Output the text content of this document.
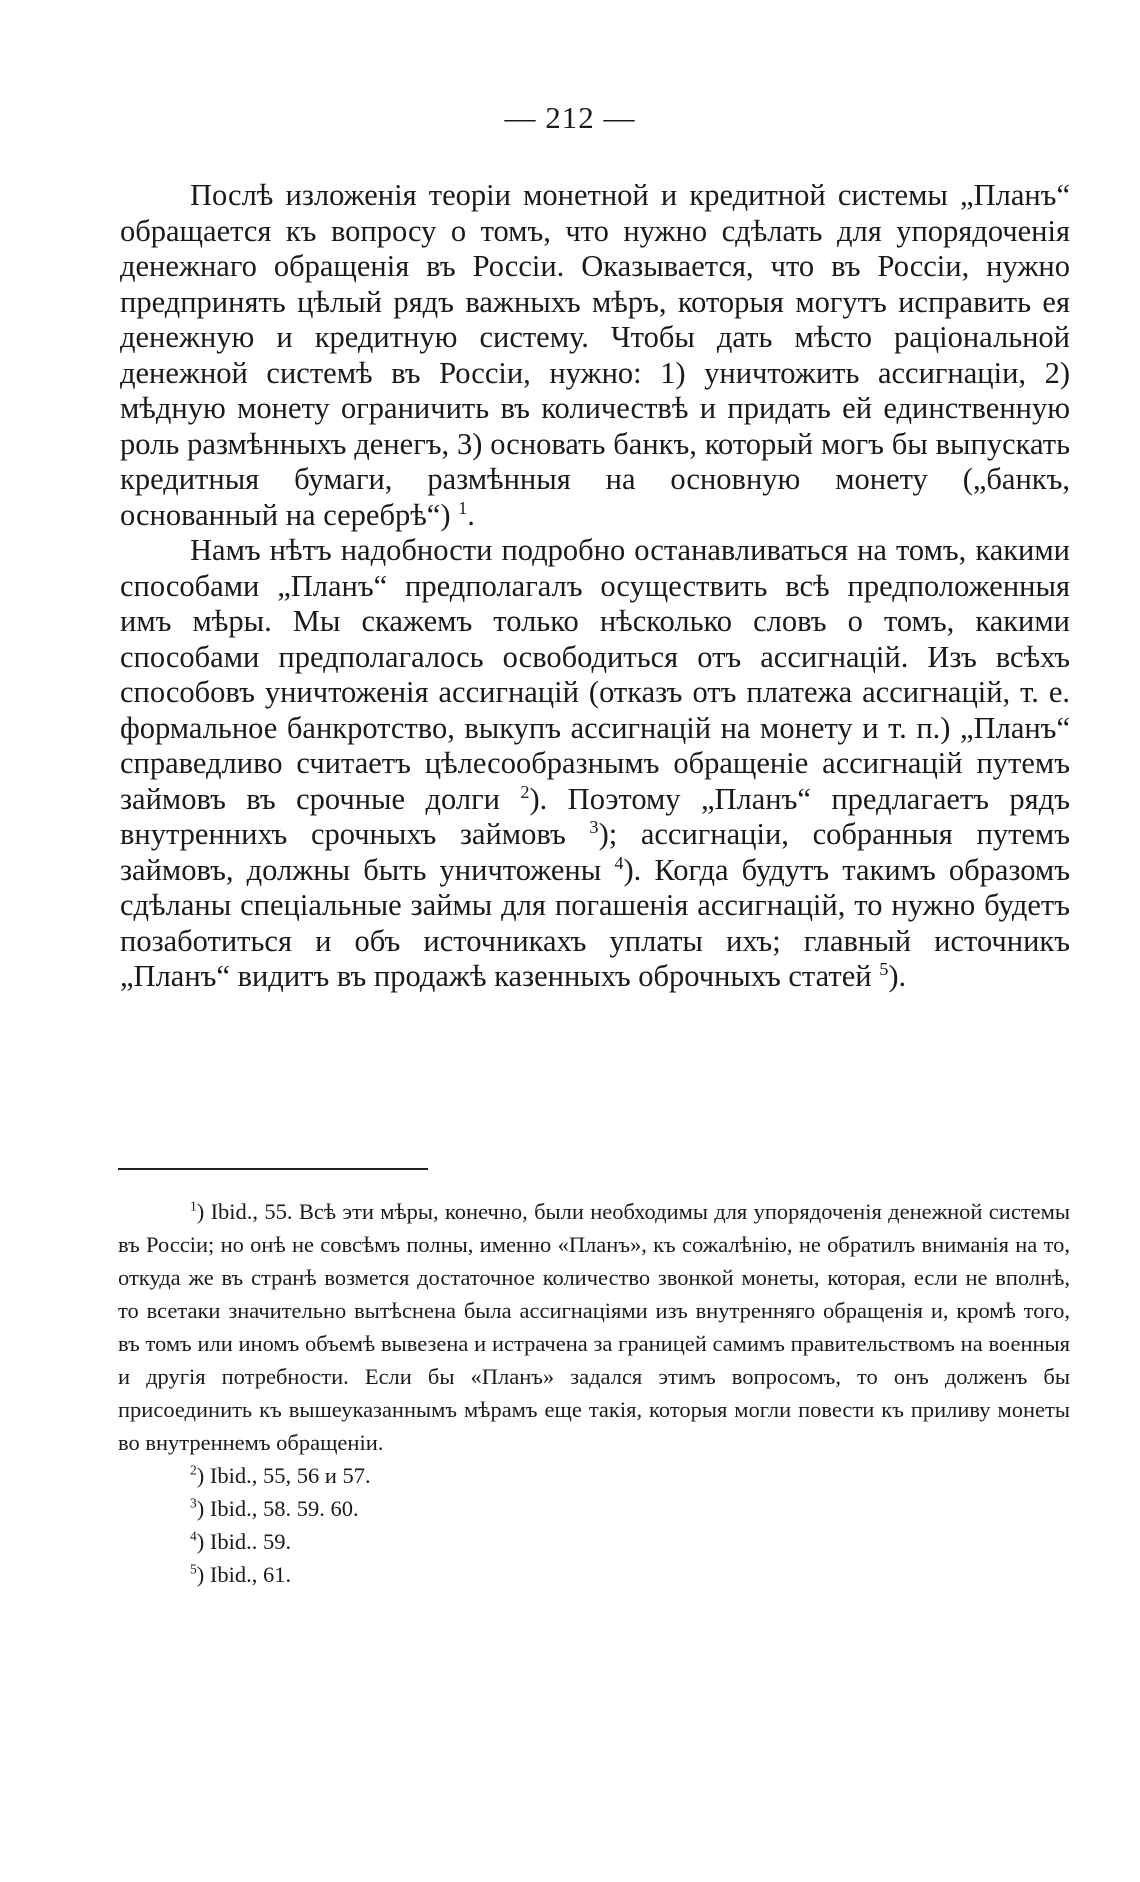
— 212 —

Послѣ изложенія теоріи монетной и кредитной системы „Планъ“ обращается къ вопросу о томъ, что нужно сдѣлать для упорядоченія денежнаго обращенія въ Россіи. Оказывается, что въ Россіи, нужно предпринять цѣлый рядъ важныхъ мѣръ, которыя могутъ исправить ея денежную и кредитную систему. Чтобы дать мѣсто раціональной денежной системѣ въ Россіи, нужно: 1) уничтожить ассигнаціи, 2) мѣдную монету ограничить въ количествѣ и придать ей единственную роль размѣнныхъ денегъ, 3) основать банкъ, который могъ бы выпускать кредитныя бумаги, размѣнныя на основную монету („банкъ, основанный на серебрѣ“) $^1$.

Намъ нѣтъ надобности подробно останавливаться на томъ, какими способами „Планъ“ предполагалъ осуществить всѣ предположенныя имъ мѣры. Мы скажемъ только нѣсколько словъ о томъ, какими способами предполагалось освободиться отъ ассигнацій. Изъ всѣхъ способовъ уничтоженія ассигнацій (отказъ отъ платежа ассигнацій, т. е. формальное банкротство, выкупъ ассигнацій на монету и т. п.) „Планъ“ справедливо считаетъ цѣлесообразнымъ обращеніе ассигнацій путемъ займовъ въ срочные долги $^2$). Поэтому „Планъ“ предлагаетъ рядъ внутреннихъ срочныхъ займовъ $^3$); ассигнаціи, собранныя путемъ займовъ, должны быть уничтожены $^4$). Когда будутъ такимъ образомъ сдѣланы спеціальные займы для погашенія ассигнацій, то нужно будетъ позаботиться и объ источникахъ уплаты ихъ; главный источникъ „Планъ“ видитъ въ продажѣ казенныхъ оброчныхъ статей $^5$).

$^1$) Ibid., 55. Всѣ эти мѣры, конечно, были необходимы для упорядоченія денежной системы въ Россіи; но онѣ не совсѣмъ полны, именно «Планъ», къ сожалѣнію, не обратилъ вниманія на то, откуда же въ странѣ возмется достаточное количество звонкой монеты, которая, если не вполнѣ, то всетаки значительно вытѣснена была ассигнаціями изъ внутренняго обращенія и, кромѣ того, въ томъ или иномъ объемѣ вывезена и истрачена за границей самимъ правительствомъ на военныя и другія потребности. Если бы «Планъ» задался этимъ вопросомъ, то онъ долженъ бы присоединить къ вышеуказаннымъ мѣрамъ еще такія, которыя могли повести къ приливу монеты во внутреннемъ обращеніи.

$^2$) Ibid., 55, 56 и 57.

$^3$) Ibid., 58. 59. 60.

$^4$) Ibid.. 59.

$^5$) Ibid., 61.
